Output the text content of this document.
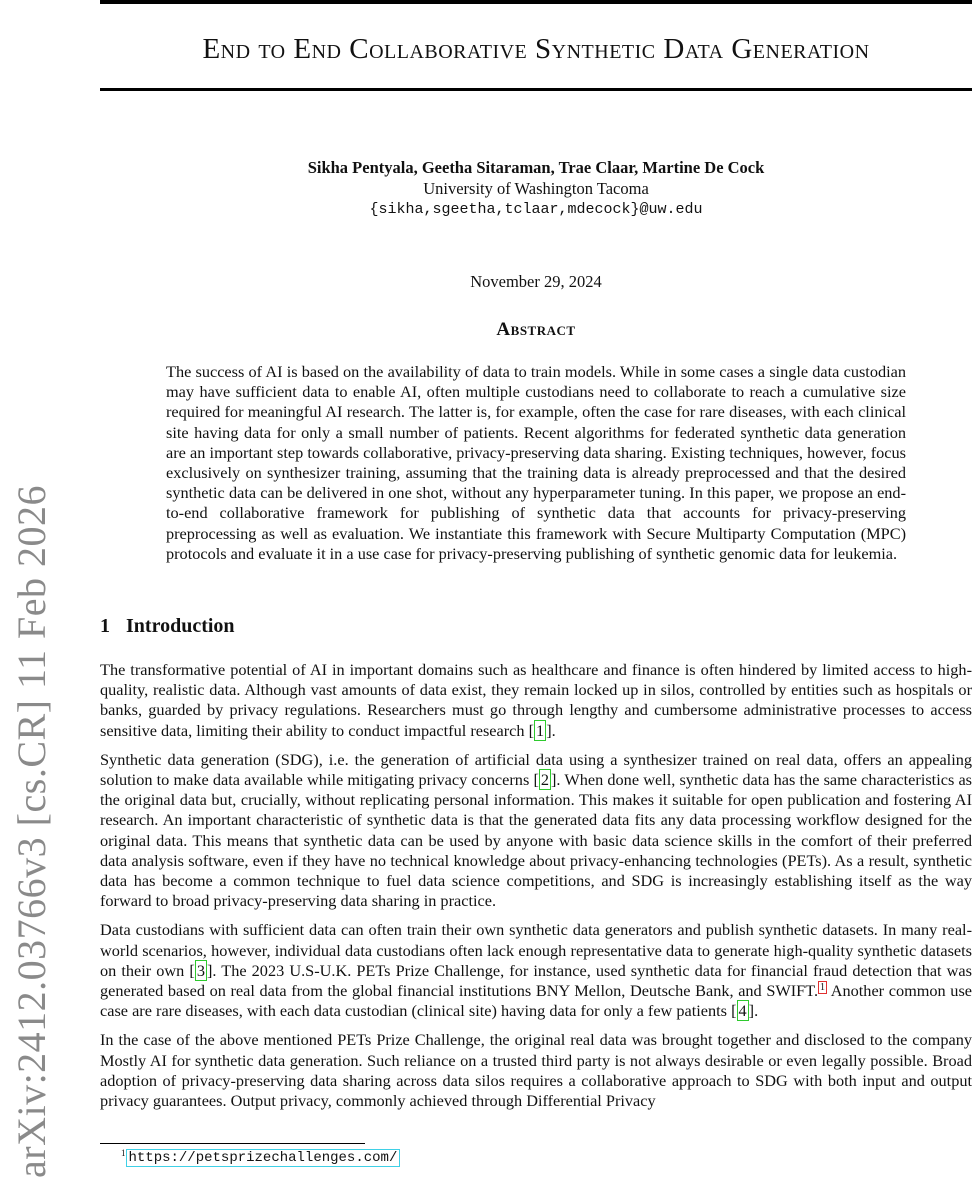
End to End Collaborative Synthetic Data Generation
arXiv:2412.03766v3 [cs.CR] 11 Feb 2026
Sikha Pentyala, Geetha Sitaraman, Trae Claar, Martine De Cock
University of Washington Tacoma
{sikha,sgeetha,tclaar,mdecock}@uw.edu
November 29, 2024
Abstract

The success of AI is based on the availability of data to train models. While in some cases a single data custodian may have sufficient data to enable AI, often multiple custodians need to collaborate to reach a cumulative size required for meaningful AI research. The latter is, for example, often the case for rare diseases, with each clinical site having data for only a small number of patients. Recent algorithms for federated synthetic data generation are an important step towards collaborative, privacy-preserving data sharing. Existing techniques, however, focus exclusively on synthesizer training, assuming that the training data is already preprocessed and that the desired synthetic data can be delivered in one shot, without any hyperparameter tuning. In this paper, we propose an end-to-end collaborative framework for publishing of synthetic data that accounts for privacy-preserving preprocessing as well as evaluation. We instantiate this framework with Secure Multiparty Computation (MPC) protocols and evaluate it in a use case for privacy-preserving publishing of synthetic genomic data for leukemia.

1 Introduction

The transformative potential of AI in important domains such as healthcare and finance is often hindered by limited access to high-quality, realistic data. Although vast amounts of data exist, they remain locked up in silos, controlled by entities such as hospitals or banks, guarded by privacy regulations. Researchers must go through lengthy and cumbersome administrative processes to access sensitive data, limiting their ability to conduct impactful research [ 1 ].

Synthetic data generation (SDG), i.e. the generation of artificial data using a synthesizer trained on real data, offers an appealing solution to make data available while mitigating privacy concerns [ 2 ]. When done well, synthetic data has the same characteristics as the original data but, crucially, without replicating personal information. This makes it suitable for open publication and fostering AI research. An important characteristic of synthetic data is that the generated data fits any data processing workflow designed for the original data. This means that synthetic data can be used by anyone with basic data science skills in the comfort of their preferred data analysis software, even if they have no technical knowledge about privacy-enhancing technologies (PETs). As a result, synthetic data has become a common technique to fuel data science competitions, and SDG is increasingly establishing itself as the way forward to broad privacy-preserving data sharing in practice.

Data custodians with sufficient data can often train their own synthetic data generators and publish synthetic datasets. In many real-world scenarios, however, individual data custodians often lack enough representative data to generate high-quality synthetic datasets on their own [ 3 ]. The 2023 U.S-U.K. PETs Prize Challenge, for instance, used synthetic data for financial fraud detection that was generated based on real data from the global financial institutions BNY Mellon, Deutsche Bank, and SWIFT. $^1$ Another common use case are rare diseases, with each data custodian (clinical site) having data for only a few patients [ 4 ].

In the case of the above mentioned PETs Prize Challenge, the original real data was brought together and disclosed to the company Mostly AI for synthetic data generation. Such reliance on a trusted third party is not always desirable or even legally possible. Broad adoption of privacy-preserving data sharing across data silos requires a collaborative approach to SDG with both input and output privacy guarantees. Output privacy, commonly achieved through Differential Privacy

$^1$ https://petsprizechallenges.com/
